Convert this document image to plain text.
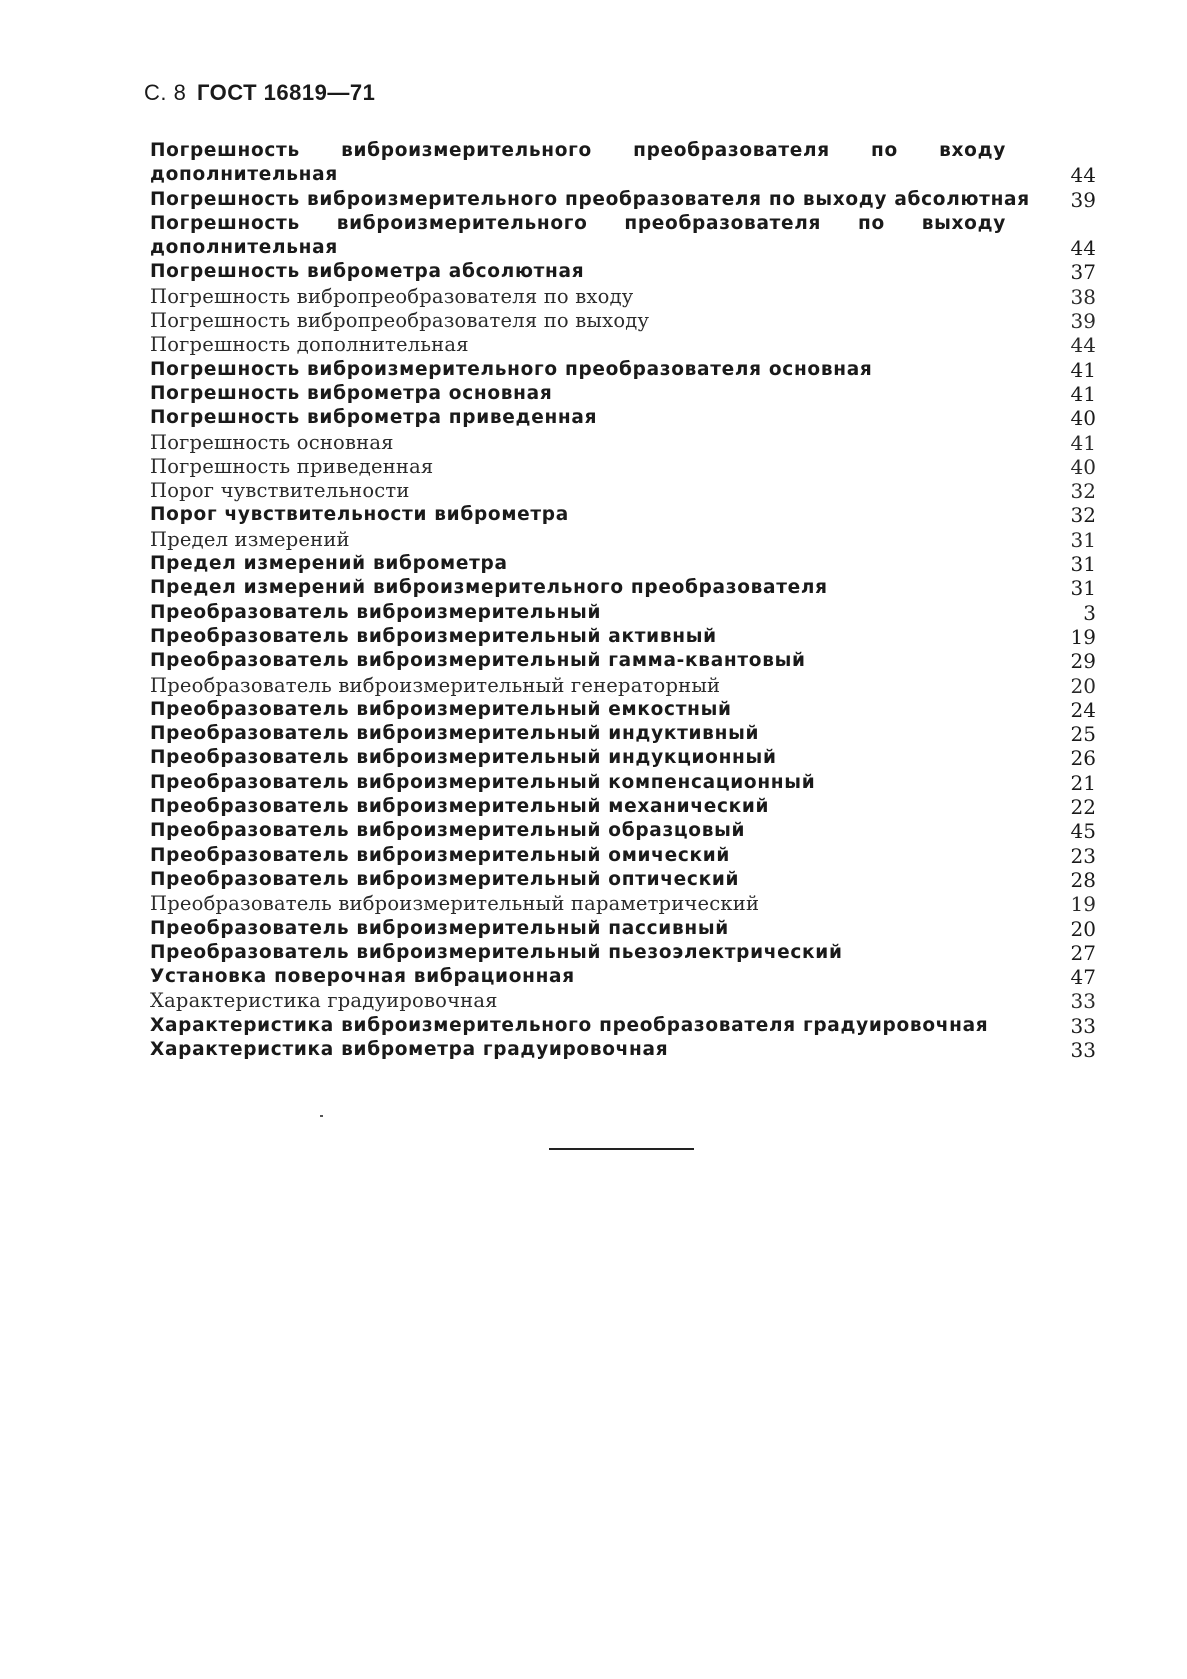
С. 8 ГОСТ 16819—71
Погрешность виброизмерительного преобразователя по входу дополнительная	44
Погрешность виброизмерительного преобразователя по выходу абсолютная	39
Погрешность виброизмерительного преобразователя по выходу дополнительная	44
Погрешность виброметра абсолютная	37
Погрешность вибропреобразователя по входу	38
Погрешность вибропреобразователя по выходу	39
Погрешность дополнительная	44
Погрешность виброизмерительного преобразователя основная	41
Погрешность виброметра основная	41
Погрешность виброметра приведенная	40
Погрешность основная	41
Погрешность приведенная	40
Порог чувствительности	32
Порог чувствительности виброметра	32
Предел измерений	31
Предел измерений виброметра	31
Предел измерений виброизмерительного преобразователя	31
Преобразователь виброизмерительный	3
Преобразователь виброизмерительный активный	19
Преобразователь виброизмерительный гамма-квантовый	29
Преобразователь виброизмерительный генераторный	20
Преобразователь виброизмерительный емкостный	24
Преобразователь виброизмерительный индуктивный	25
Преобразователь виброизмерительный индукционный	26
Преобразователь виброизмерительный компенсационный	21
Преобразователь виброизмерительный механический	22
Преобразователь виброизмерительный образцовый	45
Преобразователь виброизмерительный омический	23
Преобразователь виброизмерительный оптический	28
Преобразователь виброизмерительный параметрический	19
Преобразователь виброизмерительный пассивный	20
Преобразователь виброизмерительный пьезоэлектрический	27
Установка поверочная вибрационная	47
Характеристика градуировочная	33
Характеристика виброизмерительного преобразователя градуировочная	33
Характеристика виброметра градуировочная	33
